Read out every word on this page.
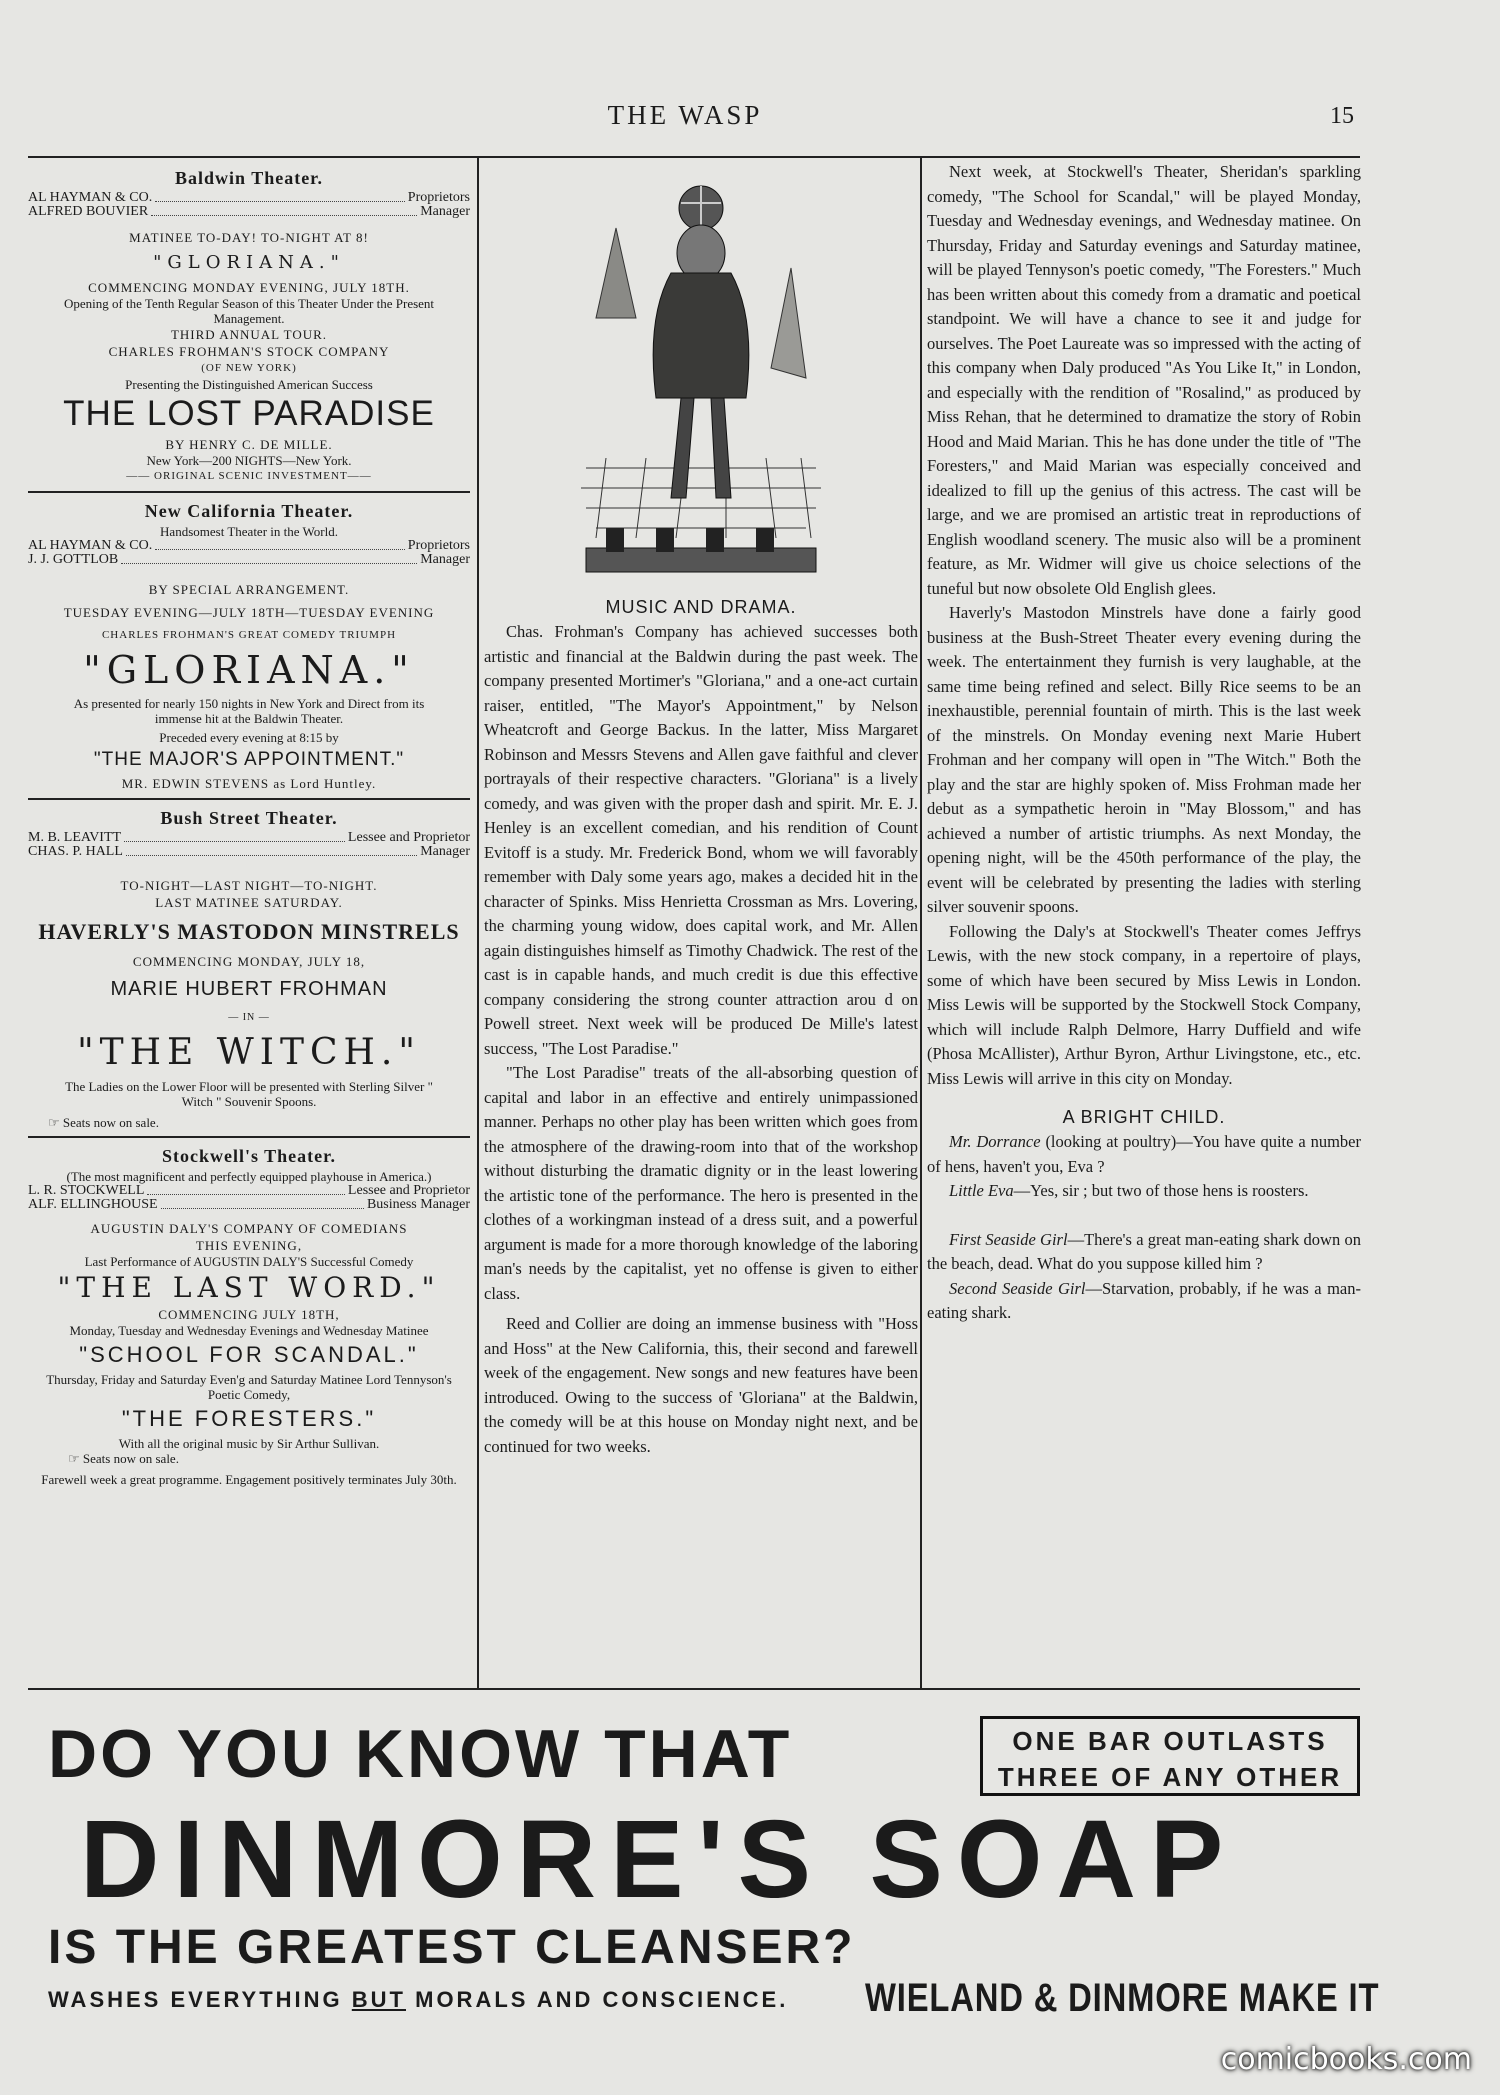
THE WASP	15
Baldwin Theater.
AL HAYMAN & CO.	Proprietors
ALFRED BOUVIER	Manager
MATINEE TO-DAY! TO-NIGHT AT 8!
"GLORIANA."
COMMENCING MONDAY EVENING, JULY 18TH.
Opening of the Tenth Regular Season of this Theater Under the Present Management.
THIRD ANNUAL TOUR.
CHARLES FROHMAN'S STOCK COMPANY
(OF NEW YORK)
Presenting the Distinguished American Success
THE LOST PARADISE
BY HENRY C. DE MILLE.
New York—200 NIGHTS—New York.
—— ORIGINAL SCENIC INVESTMENT——
New California Theater.
Handsomest Theater in the World.
AL HAYMAN & CO.	Proprietors
J. J. GOTTLOB	Manager
BY SPECIAL ARRANGEMENT.
TUESDAY EVENING—JULY 18TH—TUESDAY EVENING
CHARLES FROHMAN'S GREAT COMEDY TRIUMPH
"GLORIANA."
As presented for nearly 150 nights in New York and Direct from its immense hit at the Baldwin Theater.
Preceded every evening at 8:15 by
"THE MAJOR'S APPOINTMENT."
MR. EDWIN STEVENS as Lord Huntley.
Bush Street Theater.
M. B. LEAVITT	Lessee and Proprietor
CHAS. P. HALL	Manager
TO-NIGHT—LAST NIGHT—TO-NIGHT.
LAST MATINEE SATURDAY.
HAVERLY'S MASTODON MINSTRELS
COMMENCING MONDAY, JULY 18,
MARIE HUBERT FROHMAN
— IN —
"THE WITCH."
The Ladies on the Lower Floor will be presented with Sterling Silver " Witch " Souvenir Spoons.
☞ Seats now on sale.
Stockwell's Theater.
(The most magnificent and perfectly equipped playhouse in America.)
L. R. STOCKWELL	Lessee and Proprietor
ALF. ELLINGHOUSE	Business Manager
AUGUSTIN DALY'S COMPANY OF COMEDIANS
THIS EVENING,
Last Performance of AUGUSTIN DALY'S Successful Comedy
"THE LAST WORD."
COMMENCING JULY 18TH,
Monday, Tuesday and Wednesday Evenings and Wednesday Matinee
"SCHOOL FOR SCANDAL."
Thursday, Friday and Saturday Even'g and Saturday Matinee Lord Tennyson's Poetic Comedy,
"THE FORESTERS."
With all the original music by Sir Arthur Sullivan.
☞ Seats now on sale.
Farewell week a great programme. Engagement positively terminates July 30th.
MUSIC AND DRAMA.

Chas. Frohman's Company has achieved successes both artistic and financial at the Baldwin during the past week. The company presented Mortimer's "Gloriana," and a one-act curtain raiser, entitled, "The Mayor's Appointment," by Nelson Wheatcroft and George Backus. In the latter, Miss Margaret Robinson and Messrs Stevens and Allen gave faithful and clever portrayals of their respective characters. "Gloriana" is a lively comedy, and was given with the proper dash and spirit. Mr. E. J. Henley is an excellent comedian, and his rendition of Count Evitoff is a study. Mr. Frederick Bond, whom we will favorably remember with Daly some years ago, makes a decided hit in the character of Spinks. Miss Henrietta Crossman as Mrs. Lovering, the charming young widow, does capital work, and Mr. Allen again distinguishes himself as Timothy Chadwick. The rest of the cast is in capable hands, and much credit is due this effective company considering the strong counter attraction arou d on Powell street. Next week will be produced De Mille's latest success, "The Lost Paradise."

"The Lost Paradise" treats of the all-absorbing question of capital and labor in an effective and entirely unimpassioned manner. Perhaps no other play has been written which goes from the atmosphere of the drawing-room into that of the workshop without disturbing the dramatic dignity or in the least lowering the artistic tone of the performance. The hero is presented in the clothes of a workingman instead of a dress suit, and a powerful argument is made for a more thorough knowledge of the laboring man's needs by the capitalist, yet no offense is given to either class.

Reed and Collier are doing an immense business with "Hoss and Hoss" at the New California, this, their second and farewell week of the engagement. New songs and new features have been introduced. Owing to the success of 'Gloriana" at the Baldwin, the comedy will be at this house on Monday night next, and be continued for two weeks.

Next week, at Stockwell's Theater, Sheridan's sparkling comedy, "The School for Scandal," will be played Monday, Tuesday and Wednesday evenings, and Wednesday matinee. On Thursday, Friday and Saturday evenings and Saturday matinee, will be played Tennyson's poetic comedy, "The Foresters." Much has been written about this comedy from a dramatic and poetical standpoint. We will have a chance to see it and judge for ourselves. The Poet Laureate was so impressed with the acting of this company when Daly produced "As You Like It," in London, and especially with the rendition of "Rosalind," as produced by Miss Rehan, that he determined to dramatize the story of Robin Hood and Maid Marian. This he has done under the title of "The Foresters," and Maid Marian was especially conceived and idealized to fill up the genius of this actress. The cast will be large, and we are promised an artistic treat in reproductions of English woodland scenery. The music also will be a prominent feature, as Mr. Widmer will give us choice selections of the tuneful but now obsolete Old English glees.

Haverly's Mastodon Minstrels have done a fairly good business at the Bush-Street Theater every evening during the week. The entertainment they furnish is very laughable, at the same time being refined and select. Billy Rice seems to be an inexhaustible, perennial fountain of mirth. This is the last week of the minstrels. On Monday evening next Marie Hubert Frohman and her company will open in "The Witch." Both the play and the star are highly spoken of. Miss Frohman made her debut as a sympathetic heroin in "May Blossom," and has achieved a number of artistic triumphs. As next Monday, the opening night, will be the 450th performance of the play, the event will be celebrated by presenting the ladies with sterling silver souvenir spoons.

Following the Daly's at Stockwell's Theater comes Jeffrys Lewis, with the new stock company, in a repertoire of plays, some of which have been secured by Miss Lewis in London. Miss Lewis will be supported by the Stockwell Stock Company, which will include Ralph Delmore, Harry Duffield and wife (Phosa McAllister), Arthur Byron, Arthur Livingstone, etc., etc. Miss Lewis will arrive in this city on Monday.

A BRIGHT CHILD.

Mr. Dorrance (looking at poultry)—You have quite a number of hens, haven't you, Eva ?

Little Eva—Yes, sir ; but two of those hens is roosters.

First Seaside Girl—There's a great man-eating shark down on the beach, dead. What do you suppose killed him ?

Second Seaside Girl—Starvation, probably, if he was a man-eating shark.

DO YOU KNOW THAT	ONE BAR OUTLASTS
THREE OF ANY OTHER
DINMORE'S SOAP
IS THE GREATEST CLEANSER?
WASHES EVERYTHING BUT MORALS AND CONSCIENCE. WIELAND & DINMORE MAKE IT
comicbooks.com
